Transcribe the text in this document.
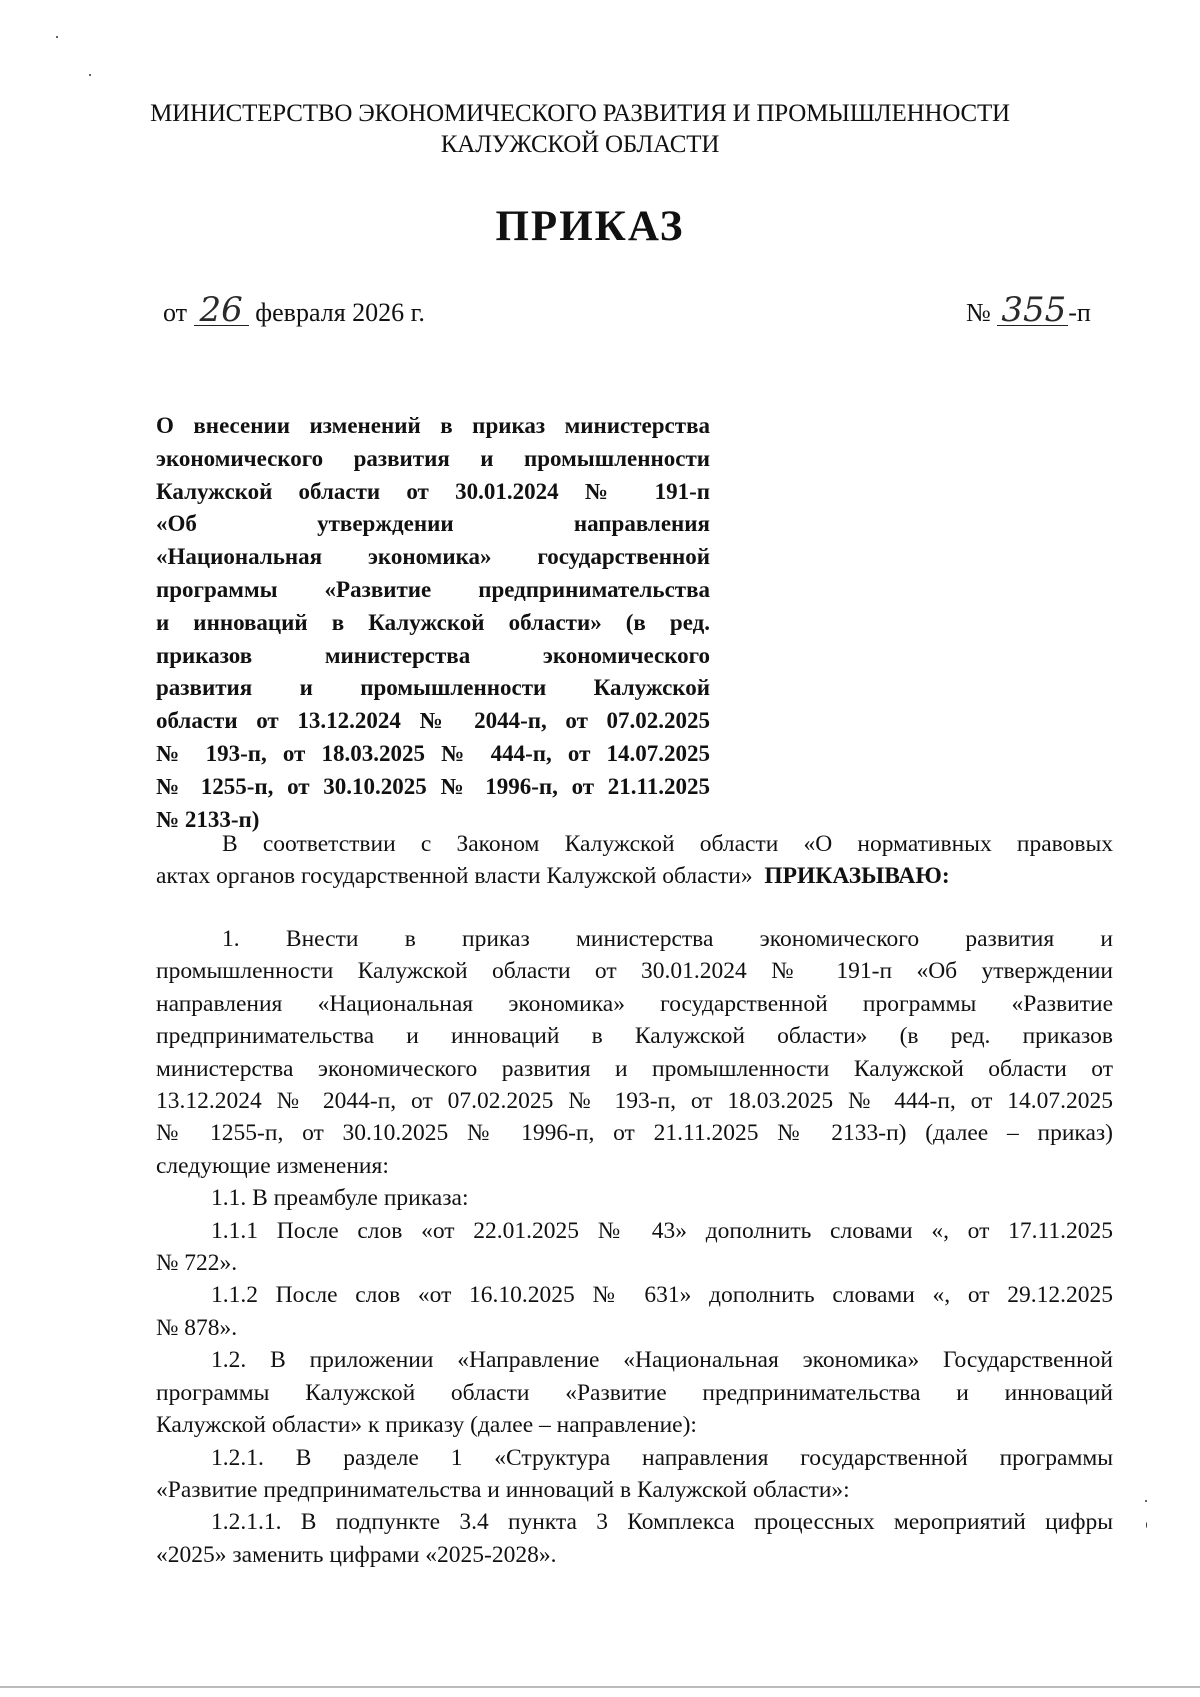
МИНИСТЕРСТВО ЭКОНОМИЧЕСКОГО РАЗВИТИЯ И ПРОМЫШЛЕННОСТИ
КАЛУЖСКОЙ ОБЛАСТИ
ПРИКАЗ
от 26 февраля 2026 г.	№ 355-п
О внесении изменений в приказ министерства
экономического развития и промышленности
Калужской области от 30.01.2024 № 191-п
«Об утверждении направления
«Национальная экономика» государственной
программы «Развитие предпринимательства
и инноваций в Калужской области» (в ред.
приказов министерства экономического
развития и промышленности Калужской
области от 13.12.2024 № 2044-п, от 07.02.2025
№ 193-п, от 18.03.2025 № 444-п, от 14.07.2025
№ 1255-п, от 30.10.2025 № 1996-п, от 21.11.2025
№ 2133-п)
В соответствии с Законом Калужской области «О нормативных правовых
актах органов государственной власти Калужской области» ПРИКАЗЫВАЮ:
1. Внести в приказ министерства экономического развития и
промышленности Калужской области от 30.01.2024 № 191-п «Об утверждении
направления «Национальная экономика» государственной программы «Развитие
предпринимательства и инноваций в Калужской области» (в ред. приказов
министерства экономического развития и промышленности Калужской области от
13.12.2024 № 2044-п, от 07.02.2025 № 193-п, от 18.03.2025 № 444-п, от 14.07.2025
№ 1255-п, от 30.10.2025 № 1996-п, от 21.11.2025 № 2133-п) (далее – приказ)
следующие изменения:
1.1. В преамбуле приказа:
1.1.1 После слов «от 22.01.2025 № 43» дополнить словами «, от 17.11.2025
№ 722».
1.1.2 После слов «от 16.10.2025 № 631» дополнить словами «, от 29.12.2025
№ 878».
1.2. В приложении «Направление «Национальная экономика» Государственной
программы Калужской области «Развитие предпринимательства и инноваций
Калужской области» к приказу (далее – направление):
1.2.1. В разделе 1 «Структура направления государственной программы
«Развитие предпринимательства и инноваций в Калужской области»:
1.2.1.1. В подпункте 3.4 пункта 3 Комплекса процессных мероприятий цифры
«2025» заменить цифрами «2025-2028».
